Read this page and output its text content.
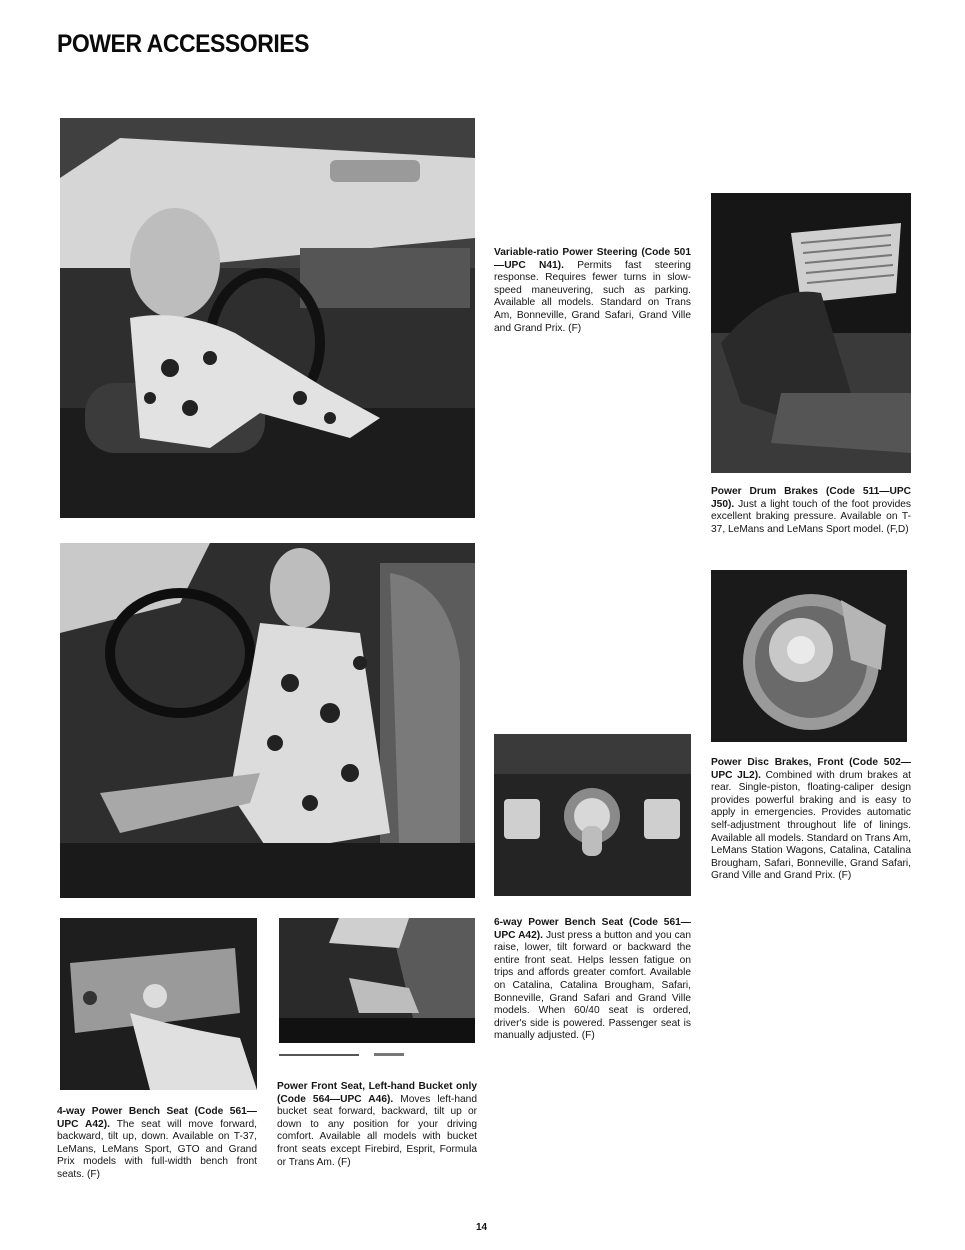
POWER ACCESSORIES
Variable-ratio Power Steering (Code 501—UPC N41). Permits fast steering response. Requires fewer turns in slow-speed maneuvering, such as parking. Available all models. Standard on Trans Am, Bonneville, Grand Safari, Grand Ville and Grand Prix. (F)
Power Drum Brakes (Code 511—UPC J50). Just a light touch of the foot provides excellent braking pressure. Available on T-37, LeMans and LeMans Sport model. (F,D)
Power Disc Brakes, Front (Code 502—UPC JL2). Combined with drum brakes at rear. Single-piston, floating-caliper design provides powerful braking and is easy to apply in emergencies. Provides automatic self-adjustment throughout life of linings. Available all models. Standard on Trans Am, LeMans Station Wagons, Catalina, Catalina Brougham, Safari, Bonneville, Grand Safari, Grand Ville and Grand Prix. (F)
6-way Power Bench Seat (Code 561—UPC A42). Just press a button and you can raise, lower, tilt forward or backward the entire front seat. Helps lessen fatigue on trips and affords greater comfort. Available on Catalina, Catalina Brougham, Safari, Bonneville, Grand Safari and Grand Ville models. When 60/40 seat is ordered, driver's side is powered. Passenger seat is manually adjusted. (F)
4-way Power Bench Seat (Code 561—UPC A42). The seat will move forward, backward, tilt up, down. Available on T-37, LeMans, LeMans Sport, GTO and Grand Prix models with full-width bench front seats. (F)
Power Front Seat, Left-hand Bucket only (Code 564—UPC A46). Moves left-hand bucket seat forward, backward, tilt up or down to any position for your driving comfort. Available all models with bucket front seats except Firebird, Esprit, Formula or Trans Am. (F)
14
